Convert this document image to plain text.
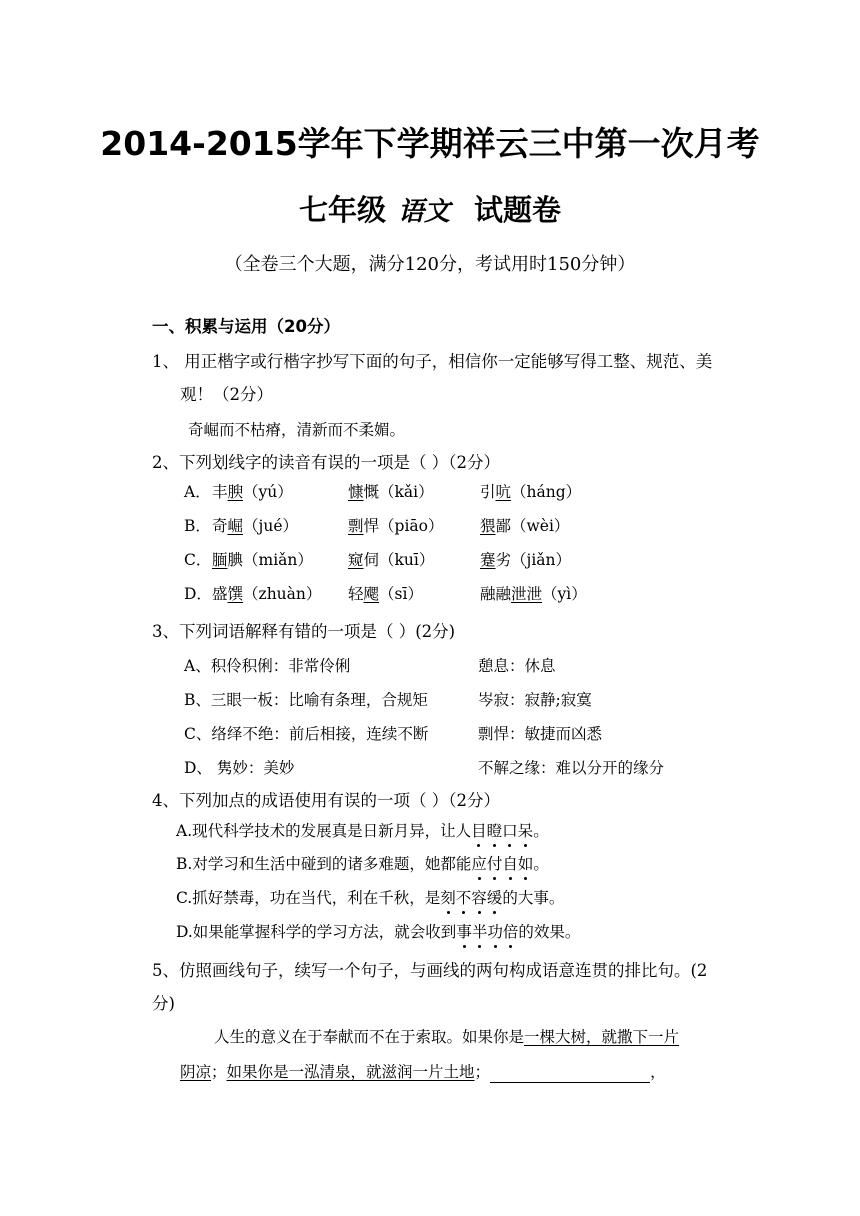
2014-2015学年下学期祥云三中第一次月考
七年级 语文 试题卷
（全卷三个大题，满分120分，考试用时150分钟）
一、积累与运用（20分）
1、 用正楷字或行楷字抄写下面的句子，相信你一定能够写得工整、规范、美
观！（2分）
奇崛而不枯瘠，清新而不柔媚。
2、下列划线字的读音有误的一项是（ ）（2分）
A． 丰腴（yú）	慷慨（kǎi）	引吭（háng）
B． 奇崛（jué）	剽悍（piāo） 猥鄙（wèi）
C． 腼腆（miǎn） 窥伺（kuī）	蹇劣（jiǎn）
D． 盛馔（zhuàn） 轻飔（sī）	融融泄泄（yì）
3、下列词语解释有错的一项是（ ）(2分)
A、积伶积俐：非常伶俐	憩息：休息
B、三眼一板：比喻有条理，合规矩	岑寂：寂静;寂寞
C、络绎不绝：前后相接，连续不断	剽悍：敏捷而凶悉
D、 隽妙：美妙	不解之缘：难以分开的缘分
4、下列加点的成语使用有误的一项（ ）（2分）
A.现代科学技术的发展真是日新月异，让人目瞪口呆。
B.对学习和生活中碰到的诸多难题，她都能应付自如。
C.抓好禁毒，功在当代，利在千秋，是刻不容缓的大事。
D.如果能掌握科学的学习方法，就会收到事半功倍的效果。
5、仿照画线句子，续写一个句子，与画线的两句构成语意连贯的排比句。(2
分)
人生的意义在于奉献而不在于索取。如果你是一棵大树，就撒下一片
阴凉；如果你是一泓清泉，就滋润一片土地；	，
